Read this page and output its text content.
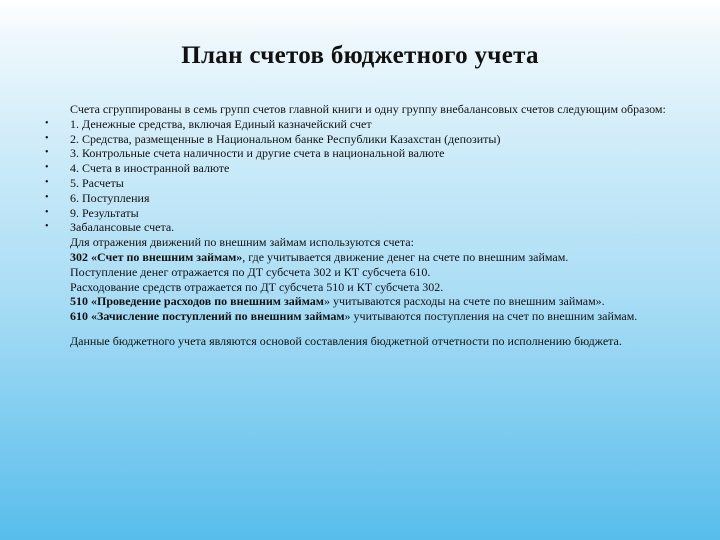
План счетов бюджетного учета
Счета сгруппированы в семь групп счетов главной книги и одну группу внебалансовых счетов следующим образом:
• 1. Денежные средства, включая Единый казначейский счет
• 2. Средства, размещенные в Национальном банке Республики Казахстан (депозиты)
• 3. Контрольные счета наличности и другие счета в национальной валюте
• 4. Счета в иностранной валюте
• 5. Расчеты
• 6. Поступления
• 9. Результаты
• Забалансовые счета.
Для отражения движений по внешним займам используются счета:
302 «Счет по внешним займам», где учитывается движение денег на счете по внешним займам.
Поступление денег отражается по ДТ субсчета 302 и КТ субсчета 610.
Расходование средств отражается по ДТ субсчета 510 и КТ субсчета 302.
510 «Проведение расходов по внешним займам» учитываются расходы на счете по внешним займам».
610 «Зачисление поступлений по внешним займам» учитываются поступления на счет по внешним займам.
Данные бюджетного учета являются основой составления бюджетной отчетности по исполнению бюджета.
